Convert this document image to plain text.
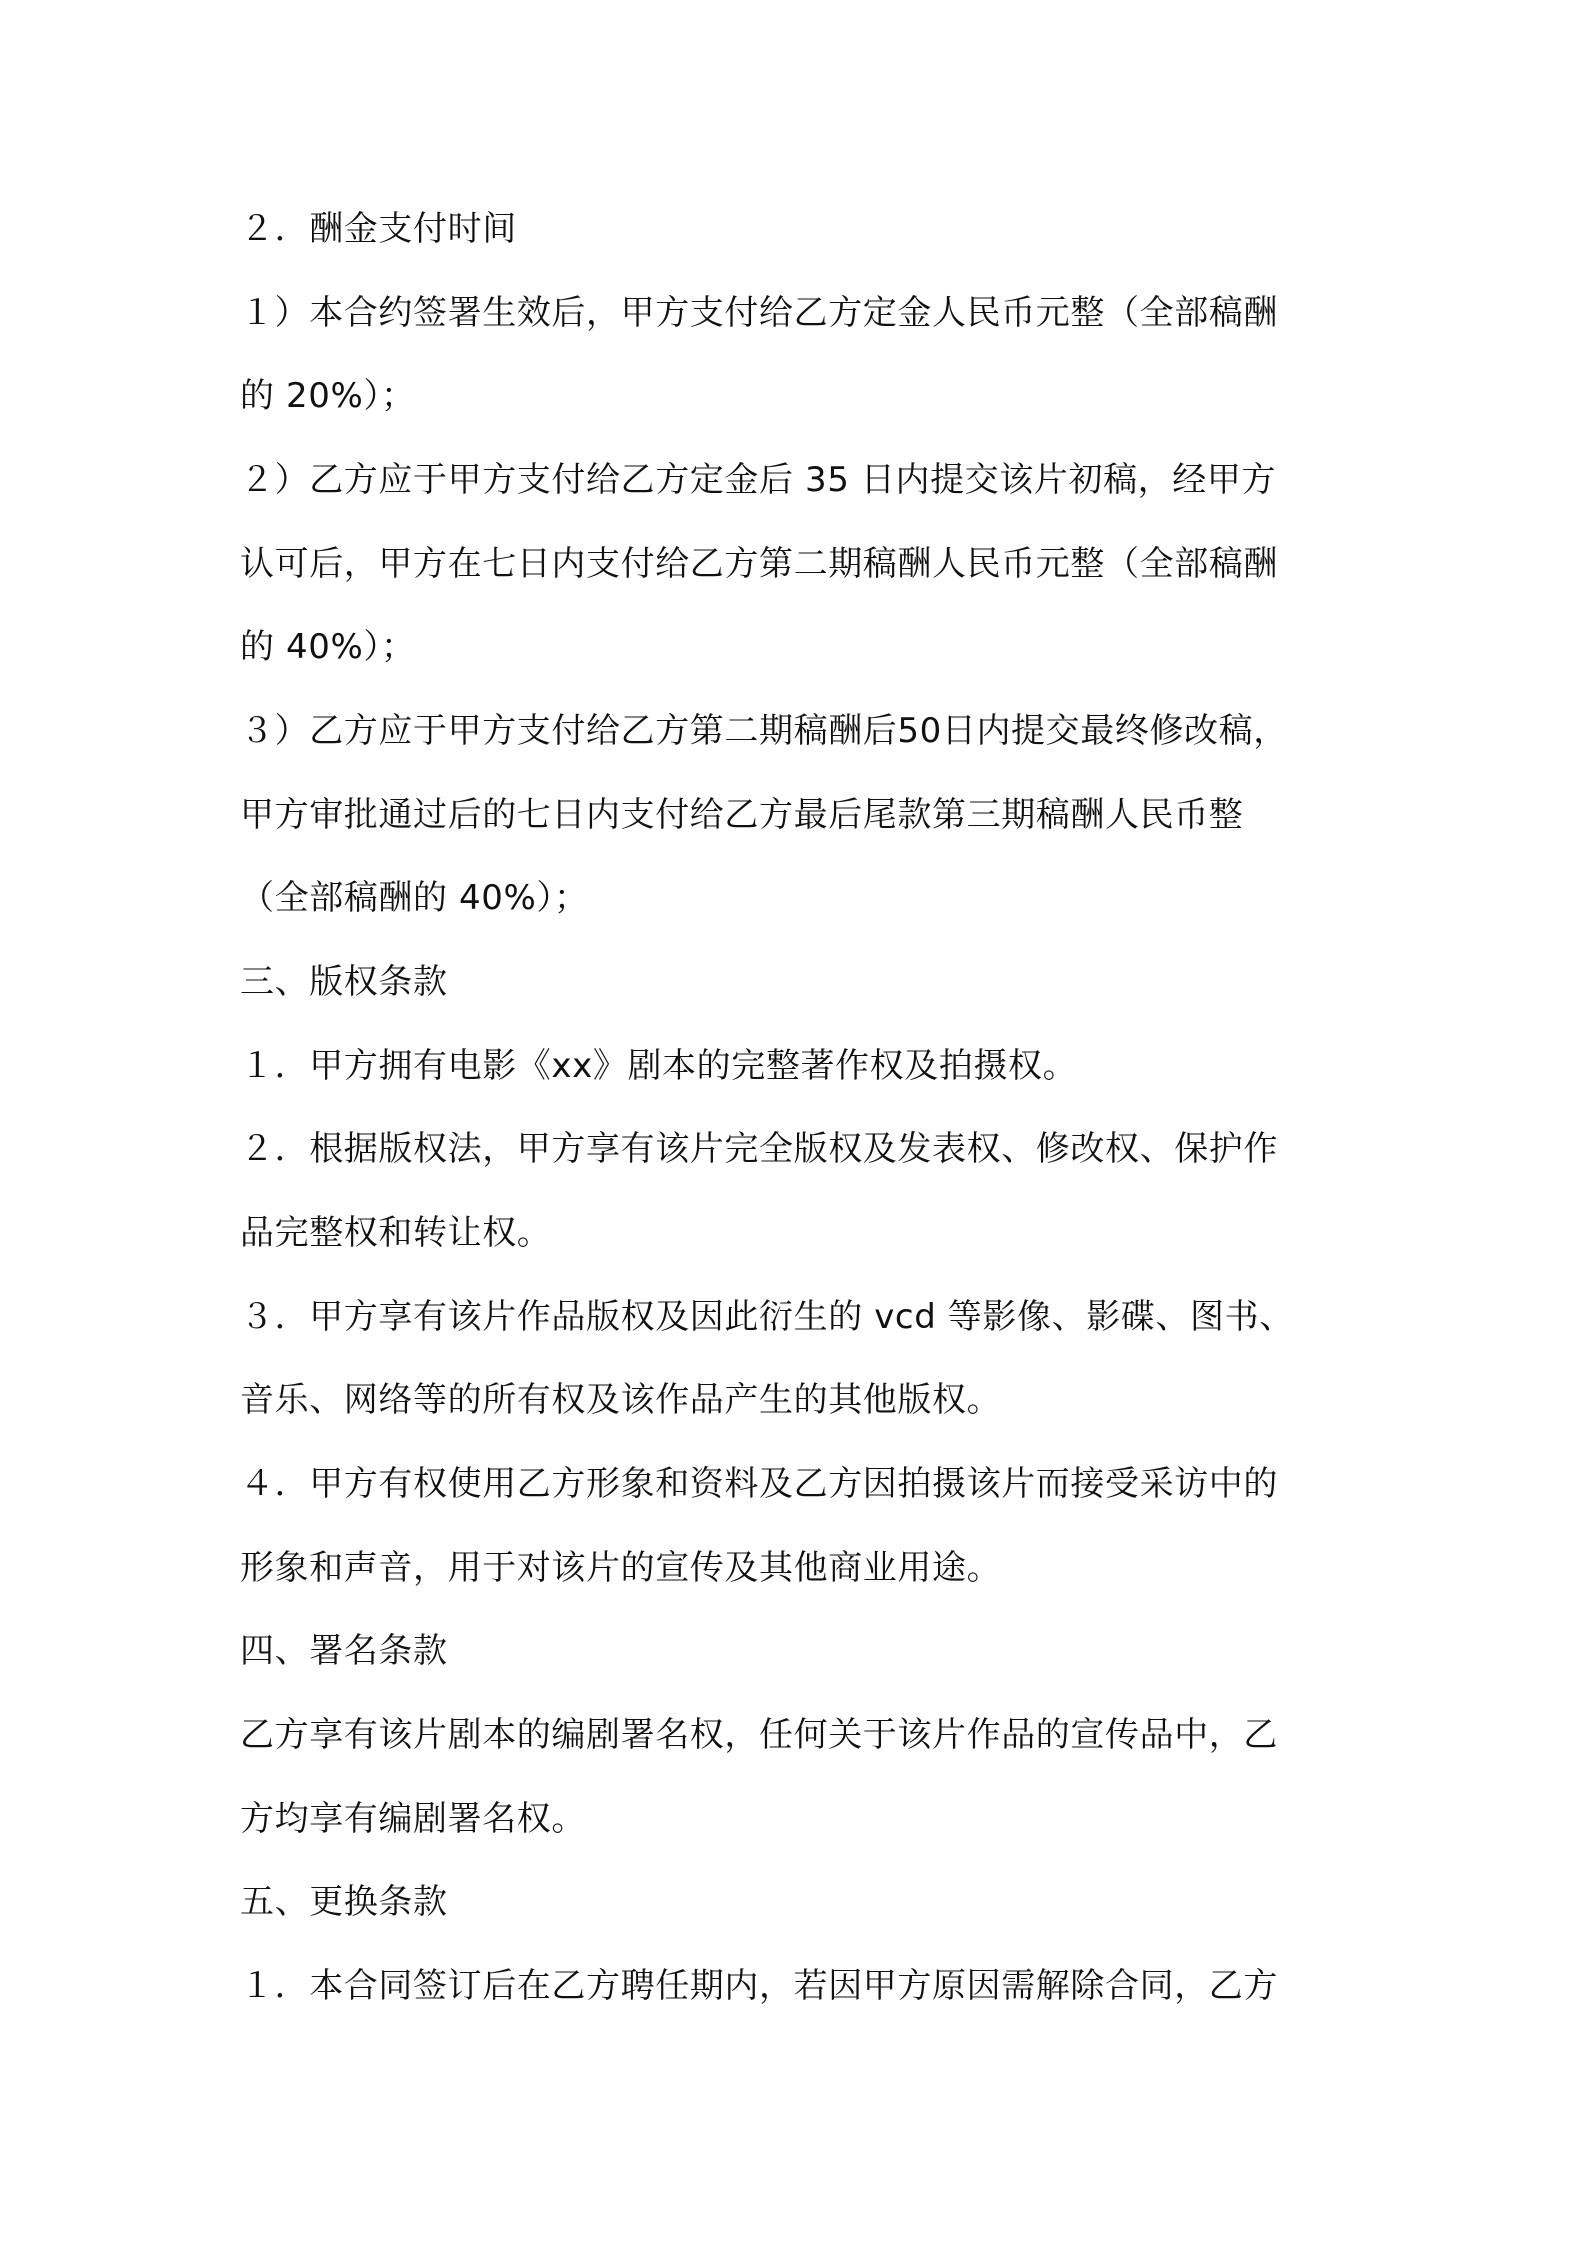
２．酬金支付时间
１）本合约签署生效后，甲方支付给乙方定金人民币元整（全部稿酬
的 20%）；
２）乙方应于甲方支付给乙方定金后 35 日内提交该片初稿，经甲方
认可后，甲方在七日内支付给乙方第二期稿酬人民币元整（全部稿酬
的 40%）；
３）乙方应于甲方支付给乙方第二期稿酬后50日内提交最终修改稿，
甲方审批通过后的七日内支付给乙方最后尾款第三期稿酬人民币整
（全部稿酬的 40%）；
三、版权条款
１．甲方拥有电影《xx》剧本的完整著作权及拍摄权。
２．根据版权法，甲方享有该片完全版权及发表权、修改权、保护作
品完整权和转让权。
３．甲方享有该片作品版权及因此衍生的 vcd 等影像、影碟、图书、
音乐、网络等的所有权及该作品产生的其他版权。
４．甲方有权使用乙方形象和资料及乙方因拍摄该片而接受采访中的
形象和声音，用于对该片的宣传及其他商业用途。
四、署名条款
乙方享有该片剧本的编剧署名权，任何关于该片作品的宣传品中，乙
方均享有编剧署名权。
五、更换条款
１．本合同签订后在乙方聘任期内，若因甲方原因需解除合同，乙方
